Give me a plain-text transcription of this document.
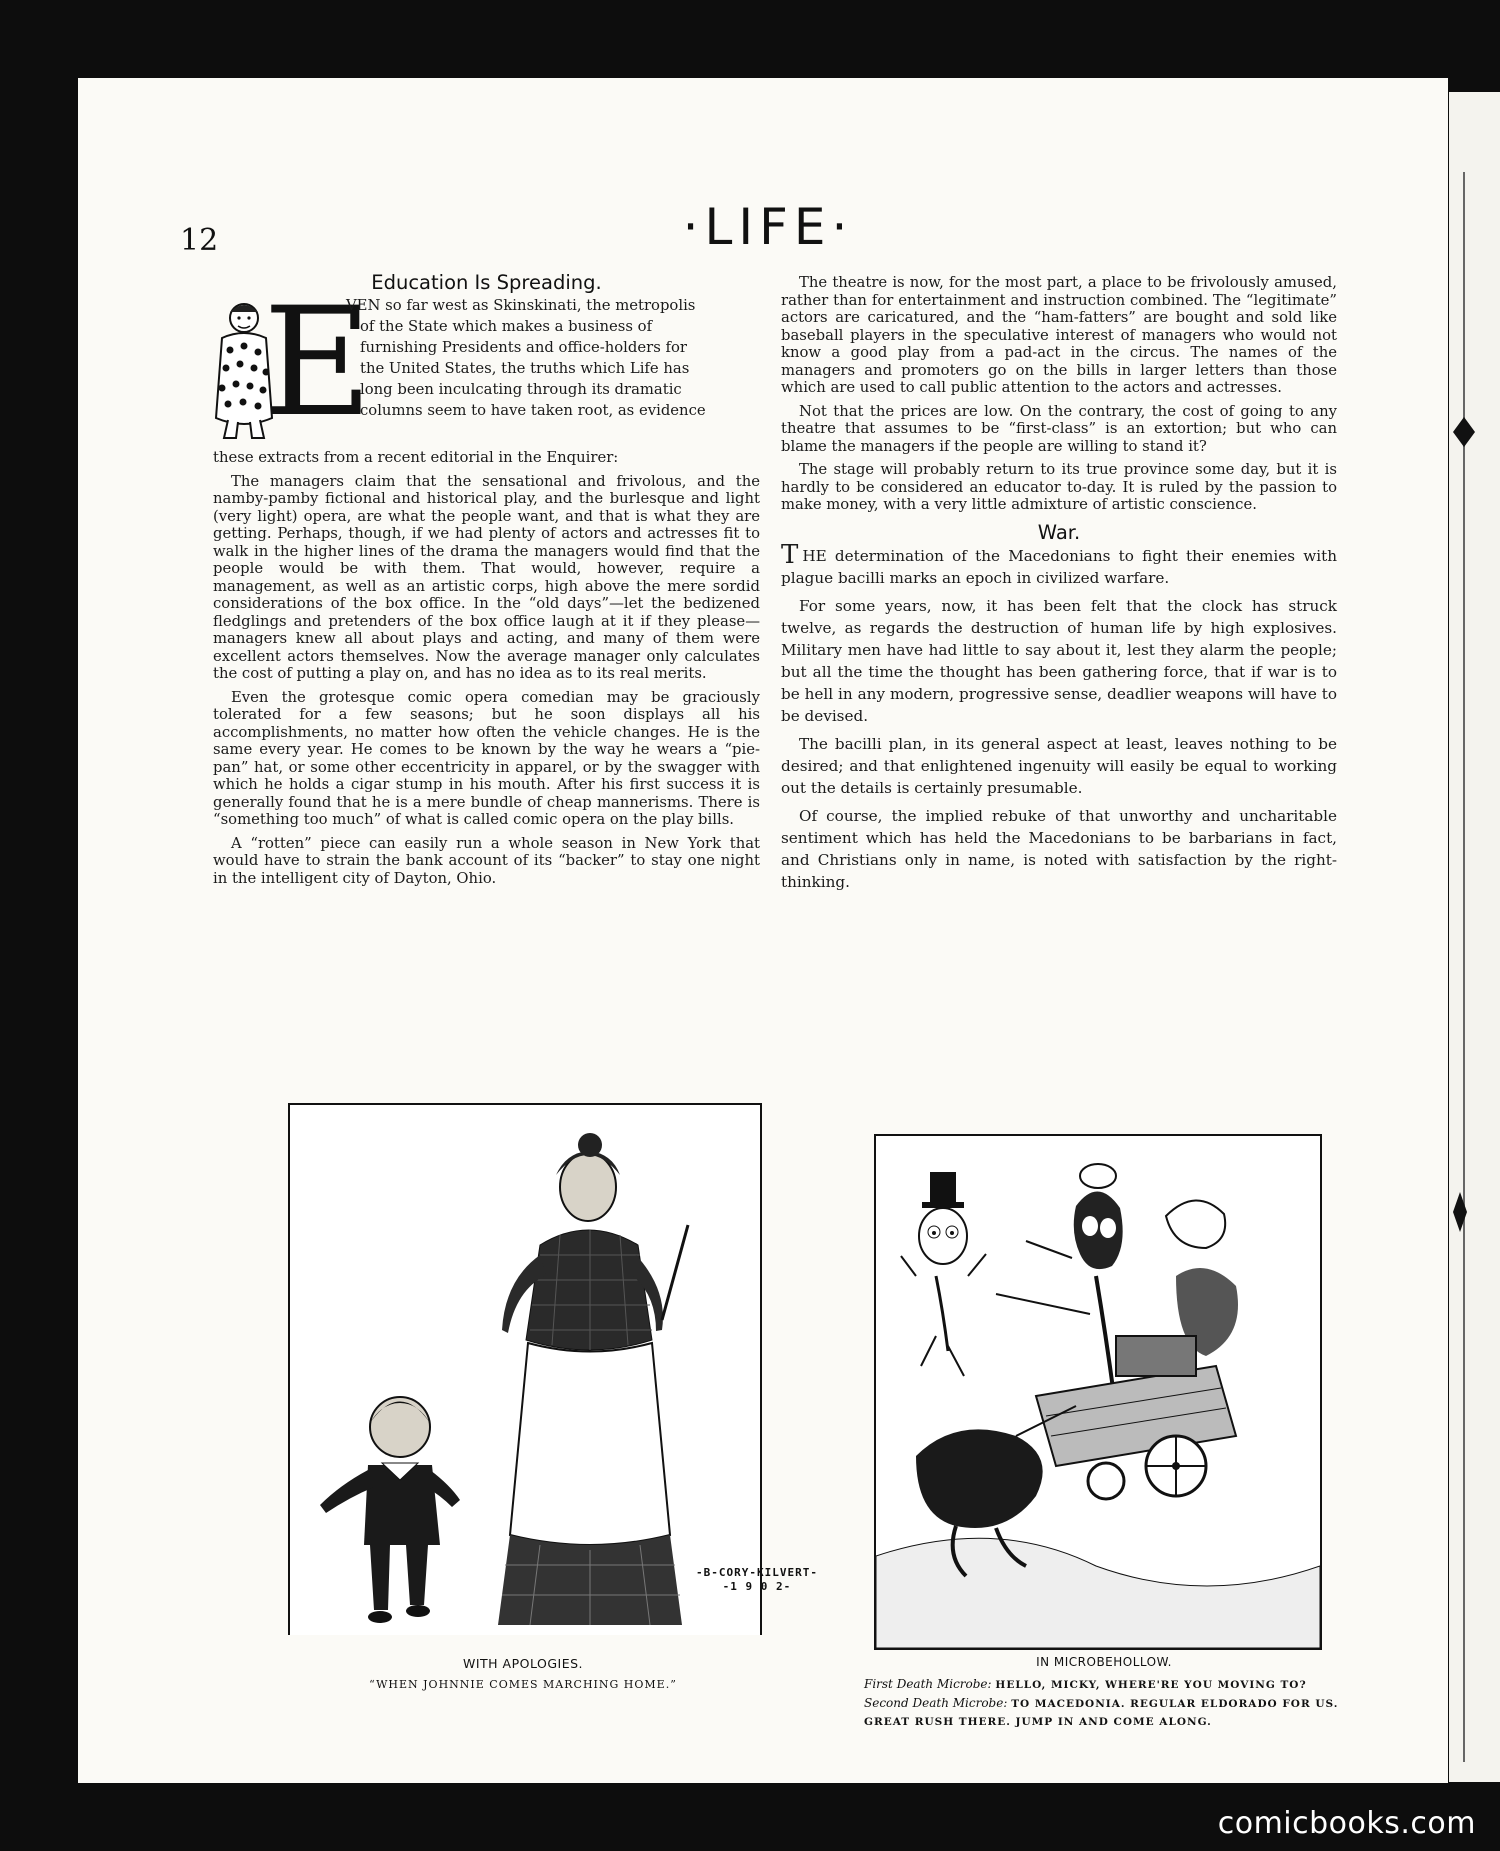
12	·LIFE·
Education Is Spreading.
E
VEN so far west as Skinskinati, the metropolis
of the State which makes a business of
furnishing Presidents and office-holders for
the United States, the truths which Life has
long been inculcating through its dramatic
columns seem to have taken root, as evidence

these extracts from a recent editorial in the Enquirer:

The managers claim that the sensational and frivolous, and the namby-pamby fictional and historical play, and the burlesque and light (very light) opera, are what the people want, and that is what they are getting. Perhaps, though, if we had plenty of actors and actresses fit to walk in the higher lines of the drama the managers would find that the people would be with them. That would, however, require a management, as well as an artistic corps, high above the mere sordid considerations of the box office. In the “old days”—let the bedizened fledglings and pretenders of the box office laugh at it if they please—managers knew all about plays and acting, and many of them were excellent actors themselves. Now the average manager only calculates the cost of putting a play on, and has no idea as to its real merits.

Even the grotesque comic opera comedian may be graciously tolerated for a few seasons; but he soon displays all his accomplishments, no matter how often the vehicle changes. He is the same every year. He comes to be known by the way he wears a “pie-pan” hat, or some other eccentricity in apparel, or by the swagger with which he holds a cigar stump in his mouth. After his first success it is generally found that he is a mere bundle of cheap mannerisms. There is “something too much” of what is called comic opera on the play bills.

A “rotten” piece can easily run a whole season in New York that would have to strain the bank account of its “backer” to stay one night in the intelligent city of Dayton, Ohio.

The theatre is now, for the most part, a place to be frivolously amused, rather than for entertainment and instruction combined. The “legitimate” actors are caricatured, and the “ham-fatters” are bought and sold like baseball players in the speculative interest of managers who would not know a good play from a pad-act in the circus. The names of the managers and promoters go on the bills in larger letters than those which are used to call public attention to the actors and actresses.

Not that the prices are low. On the contrary, the cost of going to any theatre that assumes to be “first-class” is an extortion; but who can blame the managers if the people are willing to stand it?

The stage will probably return to its true province some day, but it is hardly to be considered an educator to-day. It is ruled by the passion to make money, with a very little admixture of artistic conscience.

War.

THE determination of the Macedonians to fight their enemies with plague bacilli marks an epoch in civilized warfare.

For some years, now, it has been felt that the clock has struck twelve, as regards the destruction of human life by high explosives. Military men have had little to say about it, lest they alarm the people; but all the time the thought has been gathering force, that if war is to be hell in any modern, progressive sense, deadlier weapons will have to be devised.

The bacilli plan, in its general aspect at least, leaves nothing to be desired; and that enlightened ingenuity will easily be equal to working out the details is certainly presumable.

Of course, the implied rebuke of that unworthy and uncharitable sentiment which has held the Macedonians to be barbarians in fact, and Christians only in name, is noted with satisfaction by the right-thinking.

-B-CORY-KILVERT-
-1 9 0 2-
WITH APOLOGIES.
“WHEN JOHNNIE COMES MARCHING HOME.”
IN MICROBEHOLLOW.
First Death Microbe: HELLO, MICKY, WHERE'RE YOU MOVING TO?
Second Death Microbe: TO MACEDONIA. REGULAR ELDORADO FOR US.
GREAT RUSH THERE. JUMP IN AND COME ALONG.
comicbooks.com
